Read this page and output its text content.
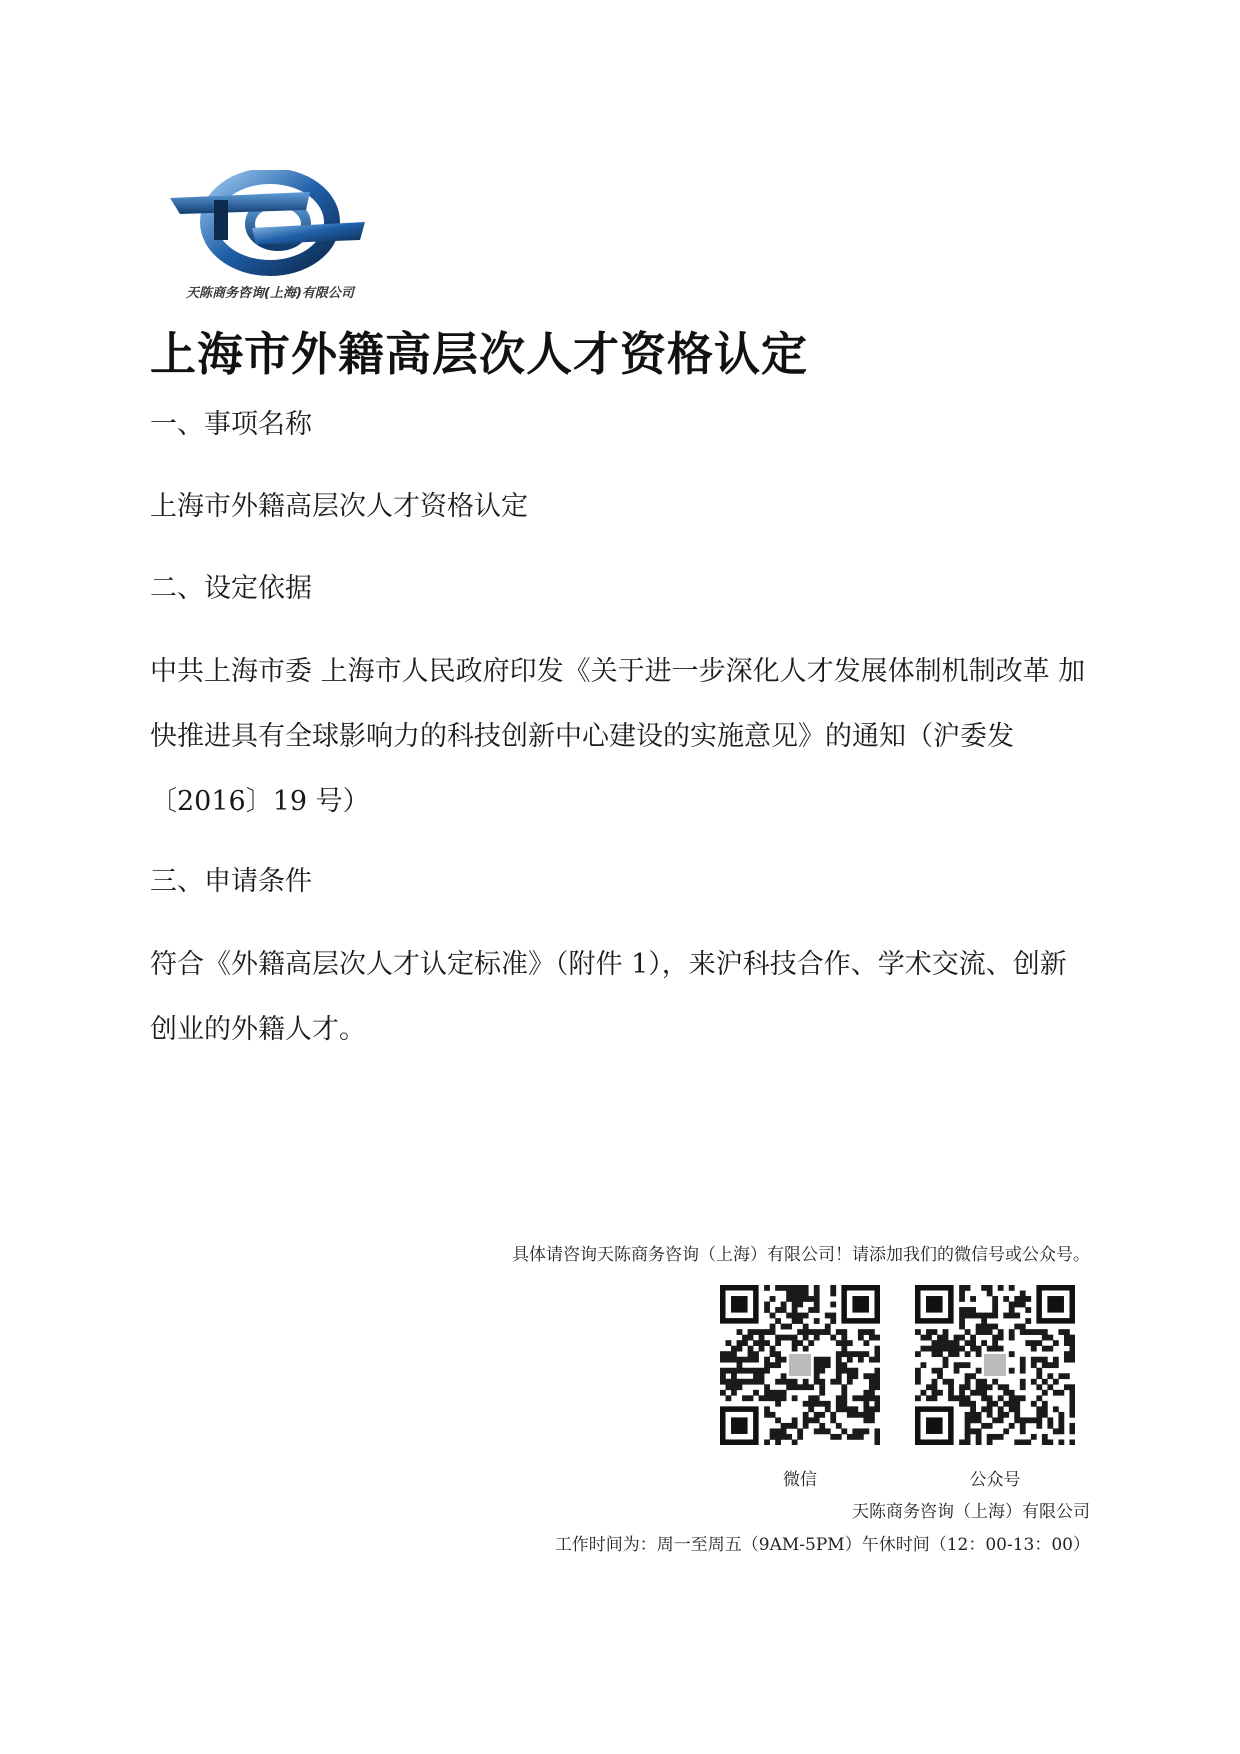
天陈商务咨询(上海)有限公司
上海市外籍高层次人才资格认定
一、事项名称
上海市外籍高层次人才资格认定
二、设定依据
中共上海市委 上海市人民政府印发《关于进一步深化人才发展体制机制改革 加快推进具有全球影响力的科技创新中心建设的实施意见》的通知（沪委发〔2016〕19 号）
三、申请条件
符合《外籍高层次人才认定标准》（附件 1），来沪科技合作、学术交流、创新创业的外籍人才。
具体请咨询天陈商务咨询（上海）有限公司！请添加我们的微信号或公众号。
微信	公众号
天陈商务咨询（上海）有限公司
工作时间为：周一至周五（9AM-5PM）午休时间（12：00-13：00）
